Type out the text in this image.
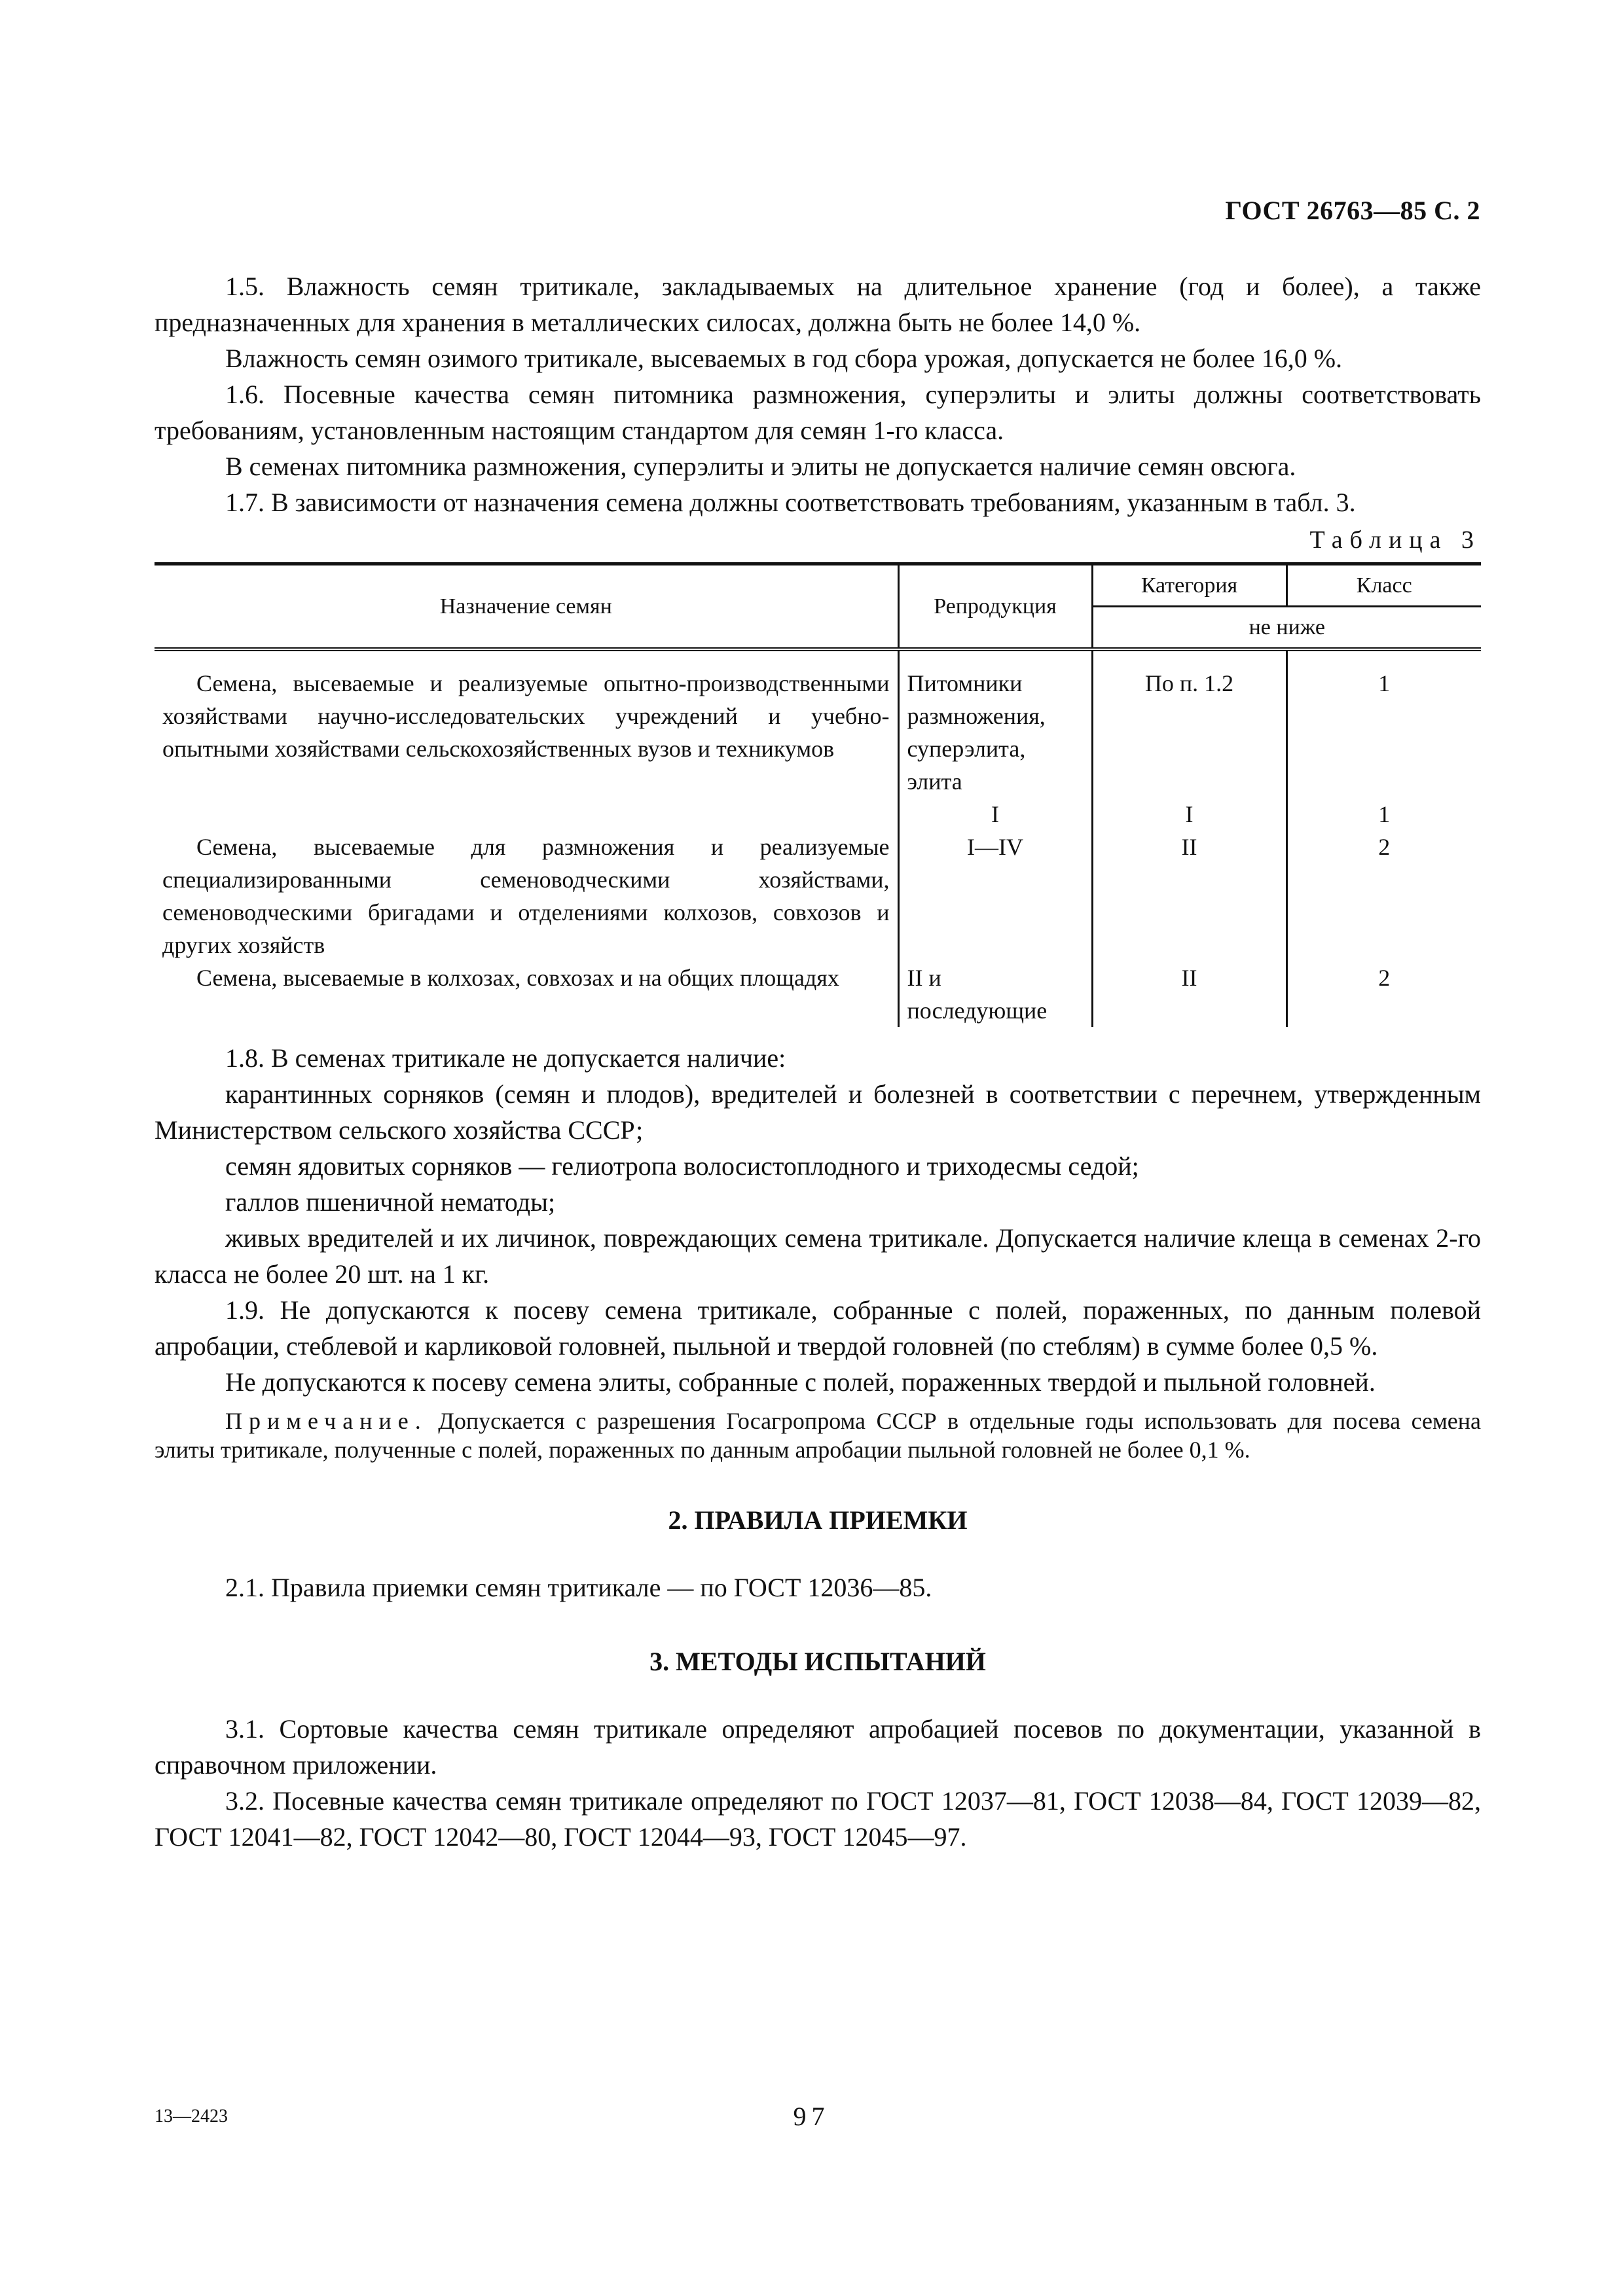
ГОСТ 26763—85 С. 2

1.5. Влажность семян тритикале, закладываемых на длительное хранение (год и более), а также предназначенных для хранения в металлических силосах, должна быть не более 14,0 %.

Влажность семян озимого тритикале, высеваемых в год сбора урожая, допускается не более 16,0 %.

1.6. Посевные качества семян питомника размножения, суперэлиты и элиты должны соответствовать требованиям, установленным настоящим стандартом для семян 1-го класса.

В семенах питомника размножения, суперэлиты и элиты не допускается наличие семян овсюга.

1.7. В зависимости от назначения семена должны соответствовать требованиям, указанным в табл. 3.

Таблица 3
Назначение семян	Репродукция	Категория	Класс
		не ниже	

Семена, высеваемые и реализуемые опытно-производственными хозяйствами научно-исследовательских учреждений и учебно-опытными хозяйствами сельскохозяйственных вузов и техникумов	Питомники размножения, суперэлита, элита	По п. 1.2	1
	I	I	1
Семена, высеваемые для размножения и реализуемые специализированными семеноводческими хозяйствами, семеноводческими бригадами и отделениями колхозов, совхозов и других хозяйств	I—IV	II	2
Семена, высеваемые в колхозах, совхозах и на общих площадях	II и последующие	II	2

1.8. В семенах тритикале не допускается наличие:

карантинных сорняков (семян и плодов), вредителей и болезней в соответствии с перечнем, утвержденным Министерством сельского хозяйства СССР;

семян ядовитых сорняков — гелиотропа волосистоплодного и триходесмы седой;

галлов пшеничной нематоды;

живых вредителей и их личинок, повреждающих семена тритикале. Допускается наличие клеща в семенах 2-го класса не более 20 шт. на 1 кг.

1.9. Не допускаются к посеву семена тритикале, собранные с полей, пораженных, по данным полевой апробации, стеблевой и карликовой головней, пыльной и твердой головней (по стеблям) в сумме более 0,5 %.

Не допускаются к посеву семена элиты, собранные с полей, пораженных твердой и пыльной головней.

Примечание. Допускается с разрешения Госагропрома СССР в отдельные годы использовать для посева семена элиты тритикале, полученные с полей, пораженных по данным апробации пыльной головней не более 0,1 %.
2. ПРАВИЛА ПРИЕМКИ

2.1. Правила приемки семян тритикале — по ГОСТ 12036—85.

3. МЕТОДЫ ИСПЫТАНИЙ

3.1. Сортовые качества семян тритикале определяют апробацией посевов по документации, указанной в справочном приложении.

3.2. Посевные качества семян тритикале определяют по ГОСТ 12037—81, ГОСТ 12038—84, ГОСТ 12039—82, ГОСТ 12041—82, ГОСТ 12042—80, ГОСТ 12044—93, ГОСТ 12045—97.

13—2423	97
